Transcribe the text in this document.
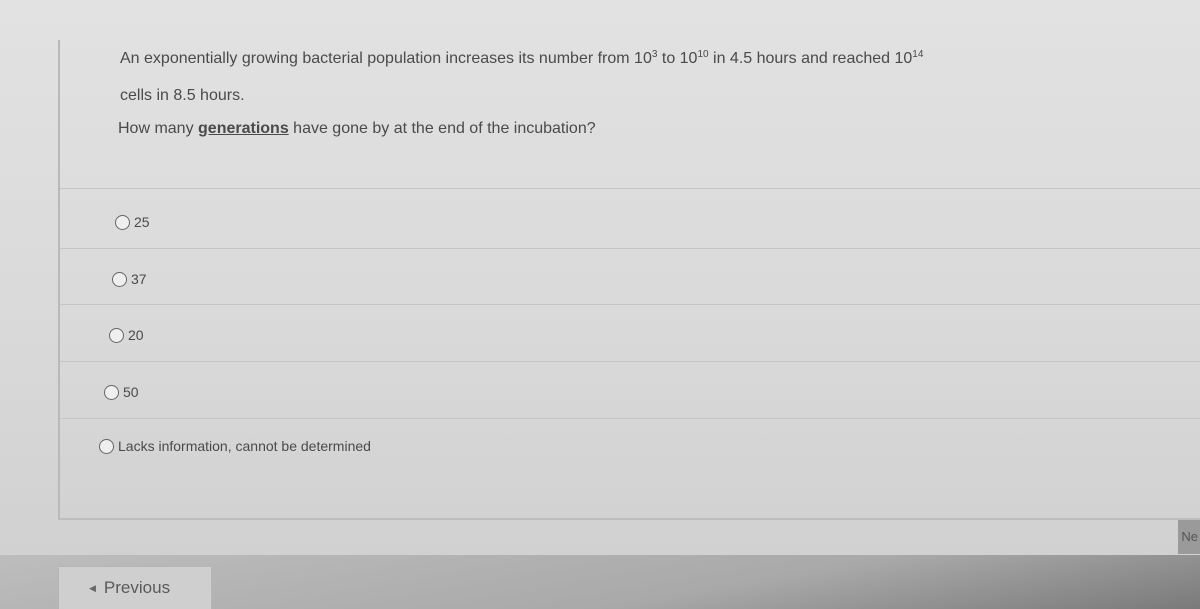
An exponentially growing bacterial population increases its number from $10^3$ to $10^{10}$ in 4.5 hours and reached $10^{14}$
cells in 8.5 hours.
How many generations have gone by at the end of the incubation?
25
37
20
50
Lacks information, cannot be determined
◀ Previous
Ne
